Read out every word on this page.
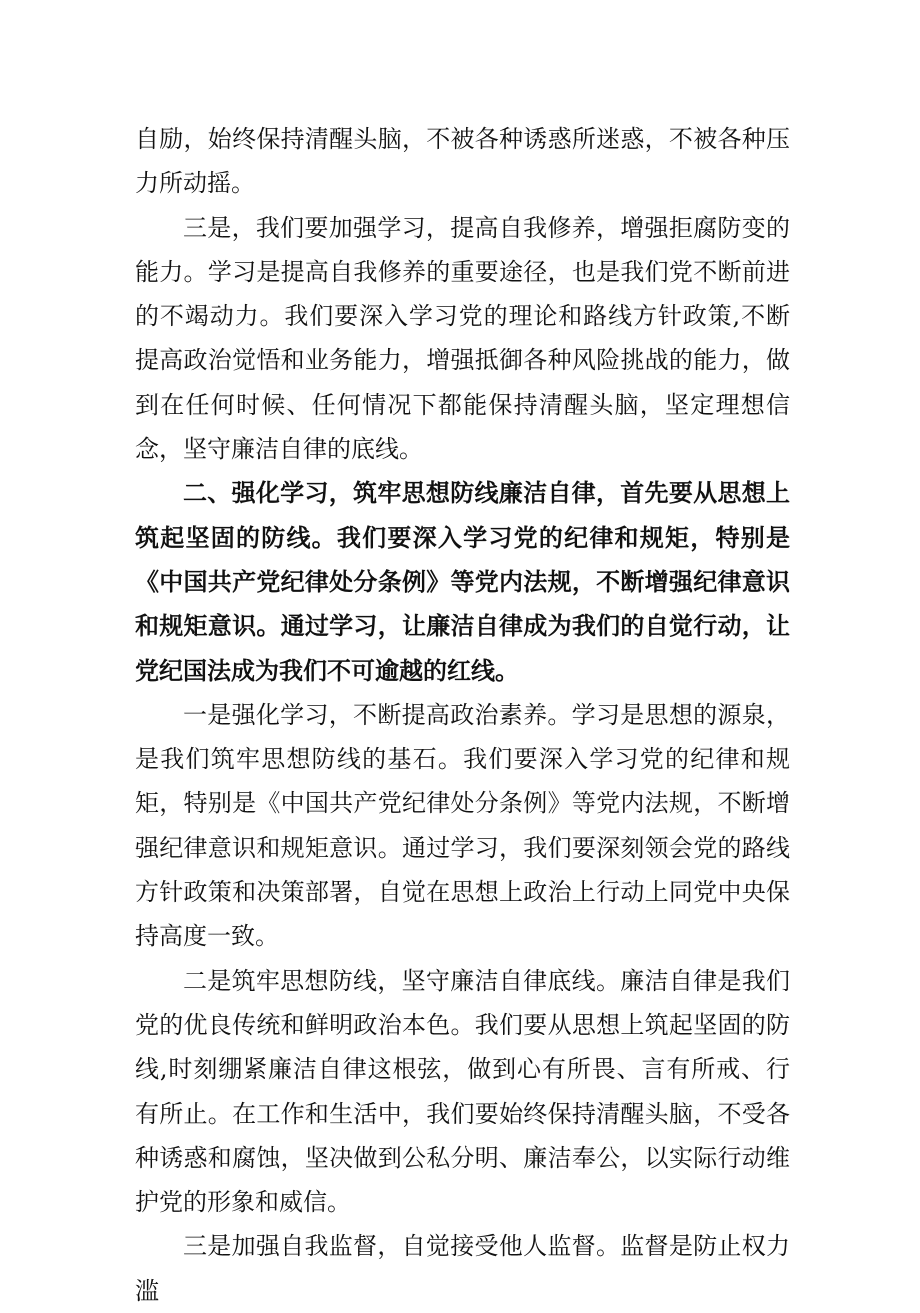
自励，始终保持清醒头脑，不被各种诱惑所迷惑，不被各种压力所动摇。

三是，我们要加强学习，提高自我修养，增强拒腐防变的能力。学习是提高自我修养的重要途径，也是我们党不断前进的不竭动力。我们要深入学习党的理论和路线方针政策,不断提高政治觉悟和业务能力，增强抵御各种风险挑战的能力，做到在任何时候、任何情况下都能保持清醒头脑，坚定理想信念，坚守廉洁自律的底线。

二、强化学习，筑牢思想防线廉洁自律，首先要从思想上筑起坚固的防线。我们要深入学习党的纪律和规矩，特别是《中国共产党纪律处分条例》等党内法规，不断增强纪律意识和规矩意识。通过学习，让廉洁自律成为我们的自觉行动，让党纪国法成为我们不可逾越的红线。

一是强化学习，不断提高政治素养。学习是思想的源泉，是我们筑牢思想防线的基石。我们要深入学习党的纪律和规矩，特别是《中国共产党纪律处分条例》等党内法规，不断增强纪律意识和规矩意识。通过学习，我们要深刻领会党的路线方针政策和决策部署，自觉在思想上政治上行动上同党中央保持高度一致。

二是筑牢思想防线，坚守廉洁自律底线。廉洁自律是我们党的优良传统和鲜明政治本色。我们要从思想上筑起坚固的防线,时刻绷紧廉洁自律这根弦，做到心有所畏、言有所戒、行有所止。在工作和生活中，我们要始终保持清醒头脑，不受各种诱惑和腐蚀，坚决做到公私分明、廉洁奉公，以实际行动维护党的形象和威信。

三是加强自我监督，自觉接受他人监督。监督是防止权力滥
